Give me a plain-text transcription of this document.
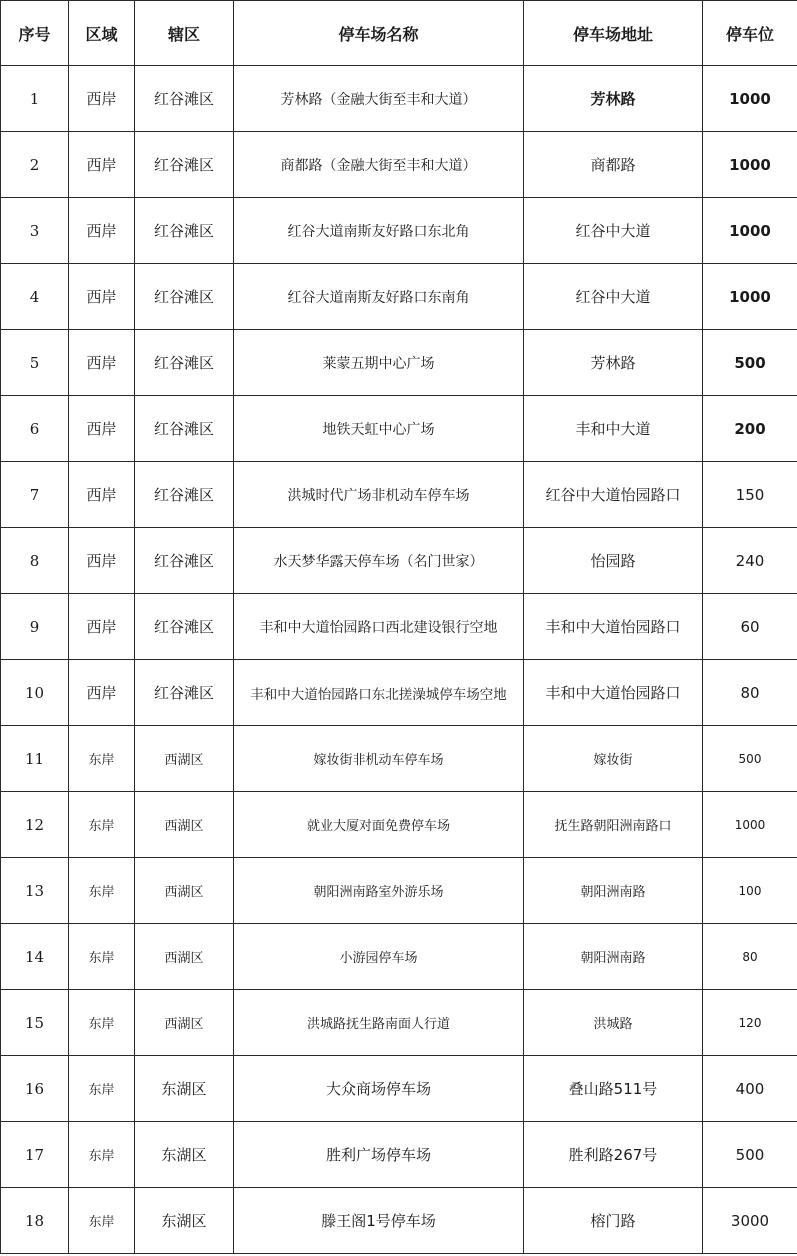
序号	区域	辖区	停车场名称	停车场地址	停车位
1	西岸	红谷滩区	芳林路（金融大街至丰和大道）	芳林路	1000
2	西岸	红谷滩区	商都路（金融大街至丰和大道）	商都路	1000
3	西岸	红谷滩区	红谷大道南斯友好路口东北角	红谷中大道	1000
4	西岸	红谷滩区	红谷大道南斯友好路口东南角	红谷中大道	1000
5	西岸	红谷滩区	莱蒙五期中心广场	芳林路	500
6	西岸	红谷滩区	地铁天虹中心广场	丰和中大道	200
7	西岸	红谷滩区	洪城时代广场非机动车停车场	红谷中大道怡园路口	150
8	西岸	红谷滩区	水天梦华露天停车场（名门世家）	怡园路	240
9	西岸	红谷滩区	丰和中大道怡园路口西北建设银行空地	丰和中大道怡园路口	60
10	西岸	红谷滩区	丰和中大道怡园路口东北搓澡城停车场空地	丰和中大道怡园路口	80
11	东岸	西湖区	嫁妆街非机动车停车场	嫁妆街	500
12	东岸	西湖区	就业大厦对面免费停车场	抚生路朝阳洲南路口	1000
13	东岸	西湖区	朝阳洲南路室外游乐场	朝阳洲南路	100
14	东岸	西湖区	小游园停车场	朝阳洲南路	80
15	东岸	西湖区	洪城路抚生路南面人行道	洪城路	120
16	东岸	东湖区	大众商场停车场	叠山路511号	400
17	东岸	东湖区	胜利广场停车场	胜利路267号	500
18	东岸	东湖区	滕王阁1号停车场	榕门路	3000
